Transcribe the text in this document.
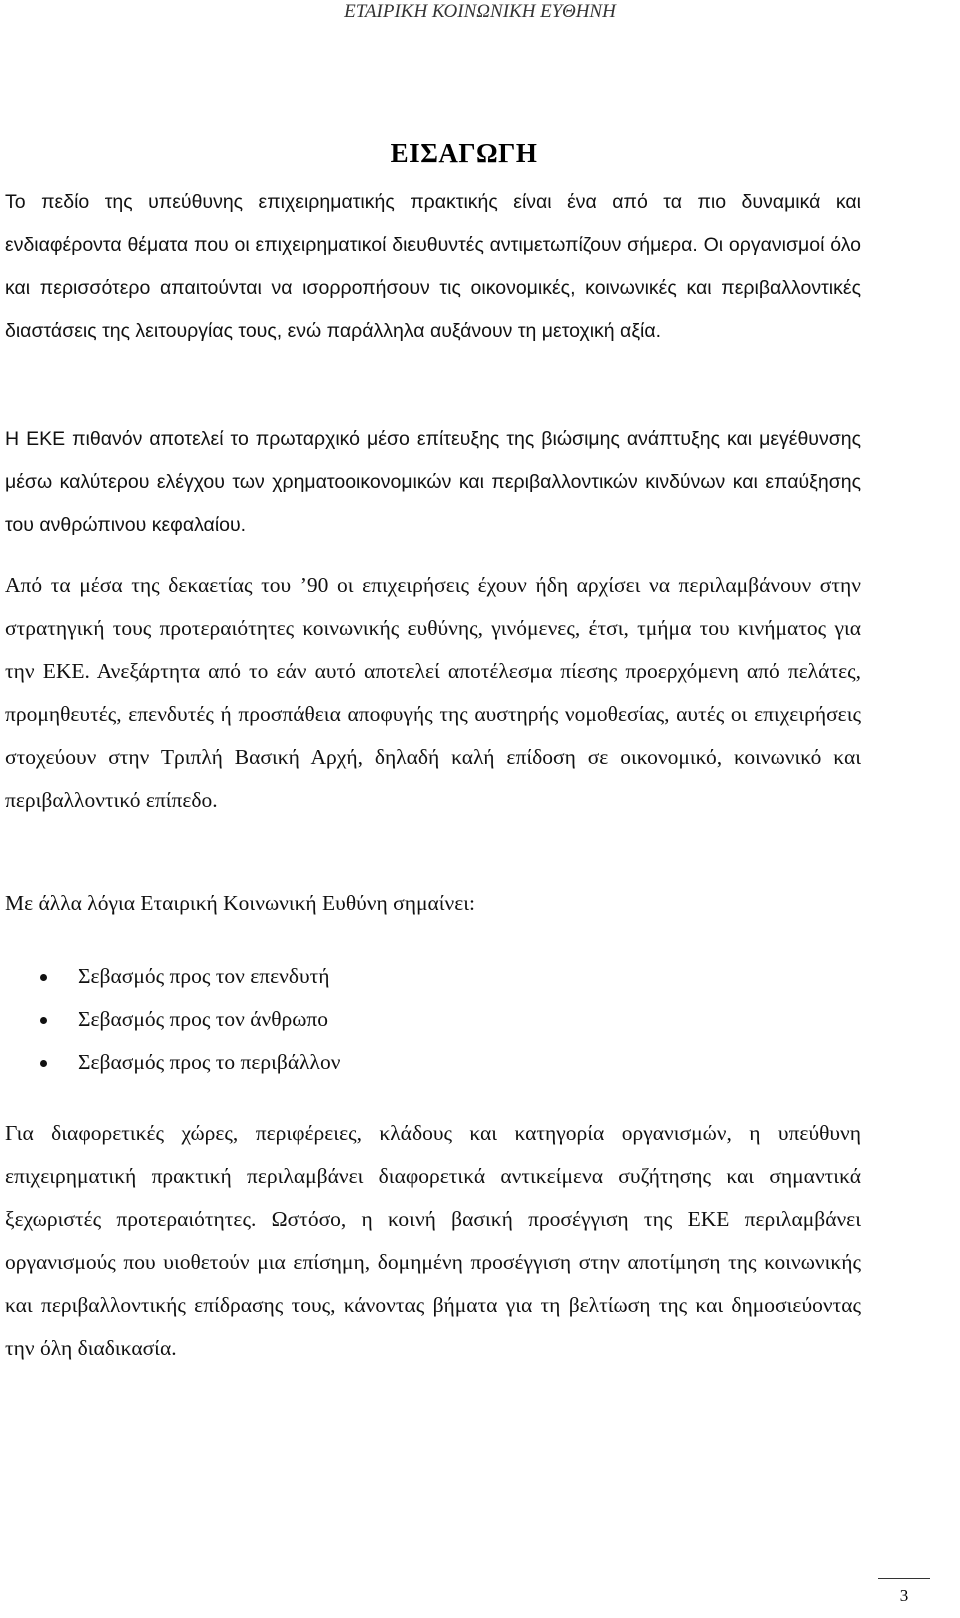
ΕΤΑΙΡΙΚΗ ΚΟΙΝΩΝΙΚΗ ΕΥΘΗΝΗ
ΕΙΣΑΓΩΓΗ

Το πεδίο της υπεύθυνης επιχειρηματικής πρακτικής είναι ένα από τα πιο δυναμικά και ενδιαφέροντα θέματα που οι επιχειρηματικοί διευθυντές αντιμετωπίζουν σήμερα. Οι οργανισμοί όλο και περισσότερο απαιτούνται να ισορροπήσουν τις οικονομικές, κοινωνικές και περιβαλλοντικές διαστάσεις της λειτουργίας τους, ενώ παράλληλα αυξάνουν τη μετοχική αξία.

Η ΕΚΕ πιθανόν αποτελεί το πρωταρχικό μέσο επίτευξης της βιώσιμης ανάπτυξης και μεγέθυνσης μέσω καλύτερου ελέγχου των χρηματοοικονομικών και περιβαλλοντικών κινδύνων και επαύξησης του ανθρώπινου κεφαλαίου.

Από τα μέσα της δεκαετίας του ’90 οι επιχειρήσεις έχουν ήδη αρχίσει να περιλαμβάνουν στην στρατηγική τους προτεραιότητες κοινωνικής ευθύνης, γινόμενες, έτσι, τμήμα του κινήματος για την ΕΚΕ. Ανεξάρτητα από το εάν αυτό αποτελεί αποτέλεσμα πίεσης προερχόμενη από πελάτες, προμηθευτές, επενδυτές ή προσπάθεια αποφυγής της αυστηρής νομοθεσίας, αυτές οι επιχειρήσεις στοχεύουν στην Τριπλή Βασική Αρχή, δηλαδή καλή επίδοση σε οικονομικό, κοινωνικό και περιβαλλοντικό επίπεδο.

Με άλλα λόγια Εταιρική Κοινωνική Ευθύνη σημαίνει:

Σεβασμός προς τον επενδυτή
Σεβασμός προς τον άνθρωπο
Σεβασμός προς το περιβάλλον

Για διαφορετικές χώρες, περιφέρειες, κλάδους και κατηγορία οργανισμών, η υπεύθυνη επιχειρηματική πρακτική περιλαμβάνει διαφορετικά αντικείμενα συζήτησης και σημαντικά ξεχωριστές προτεραιότητες. Ωστόσο, η κοινή βασική προσέγγιση της ΕΚΕ περιλαμβάνει οργανισμούς που υιοθετούν μια επίσημη, δομημένη προσέγγιση στην αποτίμηση της κοινωνικής και περιβαλλοντικής επίδρασης τους, κάνοντας βήματα για τη βελτίωση της και δημοσιεύοντας την όλη διαδικασία.

3
